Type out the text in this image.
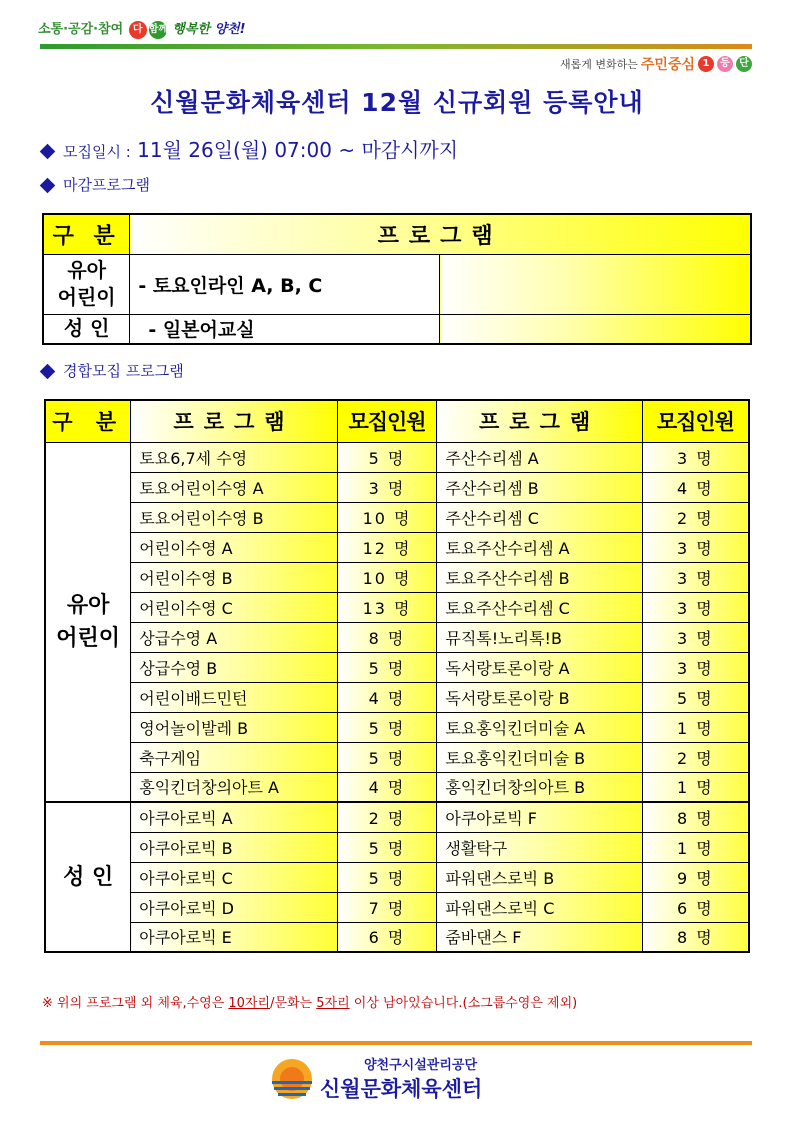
소통·공감·참여 다 함께 행복한 양천!
새롭게 변화하는 주민중심 1	등 단
신월문화체육센터 12월 신규회원 등록안내
모집일시 : 11월 26일(월) 07:00 ~ 마감시까지
마감프로그램
구 분	프로그램	

유아
어린이	- 토요인라인 A, B, C	
성 인	- 일본어교실	
경합모집 프로그램
구 분	프로그램	모집인원	프로그램	모집인원

유아
어린이	토요6,7세 수영	5 명	주산수리셈 A	3 명
	토요어린이수영 A	3 명	주산수리셈 B	4 명
	토요어린이수영 B	10 명	주산수리셈 C	2 명
	어린이수영 A	12 명	토요주산수리셈 A	3 명
	어린이수영 B	10 명	토요주산수리셈 B	3 명
	어린이수영 C	13 명	토요주산수리셈 C	3 명
	상급수영 A	8 명	뮤직톡!노리톡!B	3 명
	상급수영 B	5 명	독서랑토론이랑 A	3 명
	어린이배드민턴	4 명	독서랑토론이랑 B	5 명
	영어놀이발레 B	5 명	토요홍익킨더미술 A	1 명
	축구게임	5 명	토요홍익킨더미술 B	2 명
	홍익킨더창의아트 A	4 명	홍익킨더창의아트 B	1 명

성 인	아쿠아로빅 A	2 명	아쿠아로빅 F	8 명
	아쿠아로빅 B	5 명	생활탁구	1 명
	아쿠아로빅 C	5 명	파워댄스로빅 B	9 명
	아쿠아로빅 D	7 명	파워댄스로빅 C	6 명
	아쿠아로빅 E	6 명	줌바댄스 F	8 명
※ 위의 프로그램 외 체육,수영은 10자리/문화는 5자리 이상 남아있습니다.(소그룹수영은 제외)
양천구시설관리공단
신월문화체육센터
